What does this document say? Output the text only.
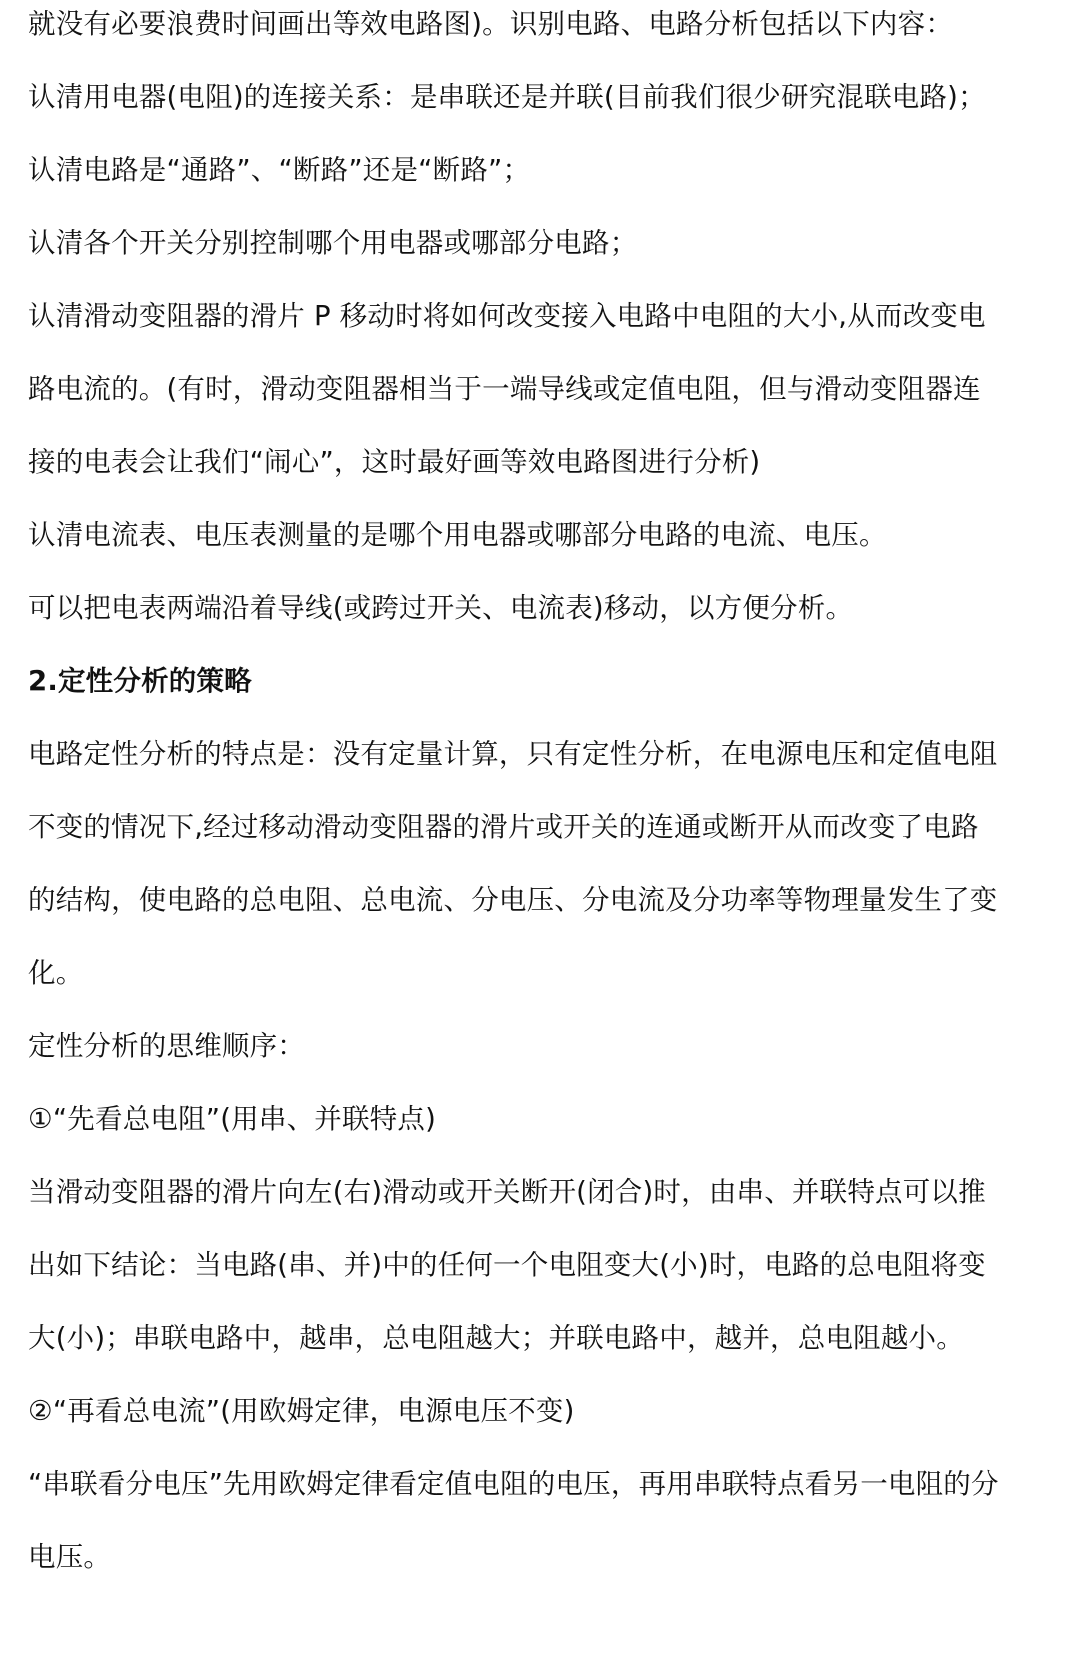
就没有必要浪费时间画出等效电路图)。识别电路、电路分析包括以下内容：
认清用电器(电阻)的连接关系：是串联还是并联(目前我们很少研究混联电路)；
认清电路是“通路”、“断路”还是“断路”；
认清各个开关分别控制哪个用电器或哪部分电路；
认清滑动变阻器的滑片 P 移动时将如何改变接入电路中电阻的大小,从而改变电
路电流的。(有时，滑动变阻器相当于一端导线或定值电阻，但与滑动变阻器连
接的电表会让我们“闹心”，这时最好画等效电路图进行分析)
认清电流表、电压表测量的是哪个用电器或哪部分电路的电流、电压。
可以把电表两端沿着导线(或跨过开关、电流表)移动，以方便分析。
2.定性分析的策略
电路定性分析的特点是：没有定量计算，只有定性分析，在电源电压和定值电阻
不变的情况下,经过移动滑动变阻器的滑片或开关的连通或断开从而改变了电路
的结构，使电路的总电阻、总电流、分电压、分电流及分功率等物理量发生了变
化。
定性分析的思维顺序：
①“先看总电阻”(用串、并联特点)
当滑动变阻器的滑片向左(右)滑动或开关断开(闭合)时，由串、并联特点可以推
出如下结论：当电路(串、并)中的任何一个电阻变大(小)时，电路的总电阻将变
大(小)；串联电路中，越串，总电阻越大；并联电路中，越并，总电阻越小。
②“再看总电流”(用欧姆定律，电源电压不变)
“串联看分电压”先用欧姆定律看定值电阻的电压，再用串联特点看另一电阻的分
电压。
